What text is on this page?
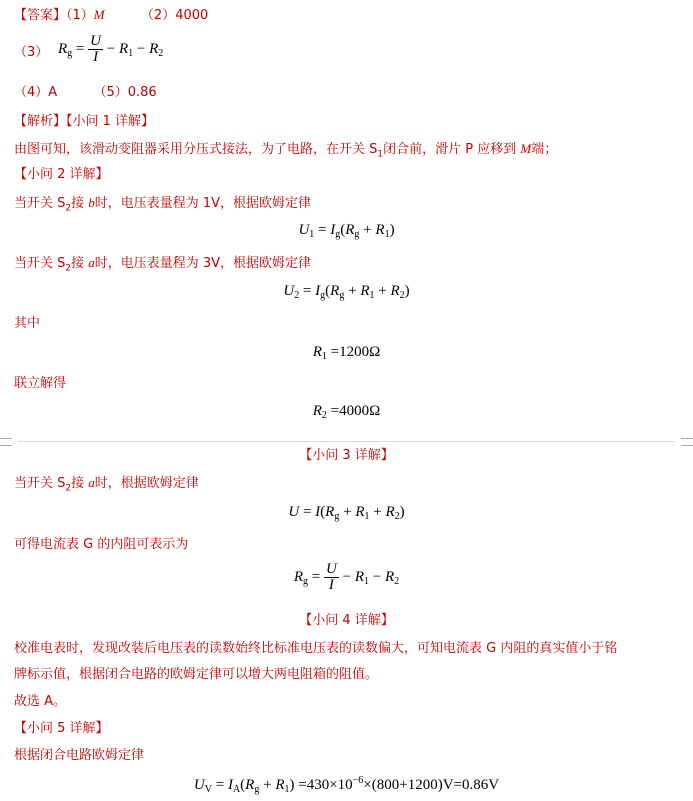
【答案】（1）M	（2）4000
（3） $R_g = \frac{U}{I} - R_1 - R_2$
（4）A	（5）0.86
【解析】【小问 1 详解】
由图可知，该滑动变阻器采用分压式接法，为了电路，在开关 $S_1$闭合前，滑片 P 应移到 M端；
【小问 2 详解】
当开关 $S_2$接 b时，电压表量程为 1V，根据欧姆定律
$U_1 = I_g(R_g + R_1)$
当开关 $S_2$接 a时，电压表量程为 3V，根据欧姆定律
$U_2 = I_g(R_g + R_1 + R_2)$
其中
$R_1 =1200\Omega$
联立解得
$R_2 =4000\Omega$
【小问 3 详解】
当开关 $S_2$接 a时，根据欧姆定律
$U = I(R_g + R_1 + R_2)$
可得电流表 G 的内阻可表示为
$R_g = \frac{U}{I} - R_1 - R_2$
【小问 4 详解】
校准电表时，发现改装后电压表的读数始终比标准电压表的读数偏大，可知电流表 G 内阻的真实值小于铭
牌标示值，根据闭合电路的欧姆定律可以增大两电阻箱的阻值。
故选 A。
【小问 5 详解】
根据闭合电路欧姆定律
$U_V = I_A(R_g + R_1) =430\times 10^{-6}\times(800+1200)V=0.86V$
